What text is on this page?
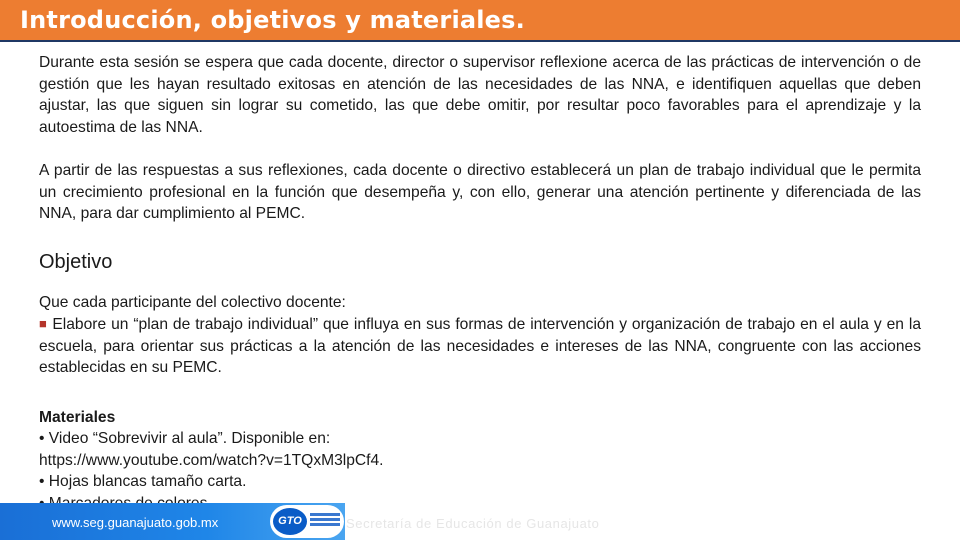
Introducción, objetivos y materiales.

Durante esta sesión se espera que cada docente, director o supervisor reflexione acerca de las prácticas de intervención o de gestión que les hayan resultado exitosas en atención de las necesidades de las NNA, e identifiquen aquellas que deben ajustar, las que siguen sin lograr su cometido, las que debe omitir, por resultar poco favorables para el aprendizaje y la autoestima de las NNA.

A partir de las respuestas a sus reflexiones, cada docente o directivo establecerá un plan de trabajo individual que le permita un crecimiento profesional en la función que desempeña y, con ello, generar una atención pertinente y diferenciada de las NNA, para dar cumplimiento al PEMC.

Objetivo

Que cada participante del colectivo docente:

■ Elabore un “plan de trabajo individual” que influya en sus formas de intervención y organización de trabajo en el aula y en la escuela, para orientar sus prácticas a la atención de las necesidades e intereses de las NNA, congruente con las acciones establecidas en su PEMC.

Materiales

• Video “Sobrevivir al aula”. Disponible en:

https://www.youtube.com/watch?v=1TQxM3lpCf4.

• Hojas blancas tamaño carta.

www.seg.guanajuato.gob.mx	GTO	Secretaría de Educación de Guanajuato
